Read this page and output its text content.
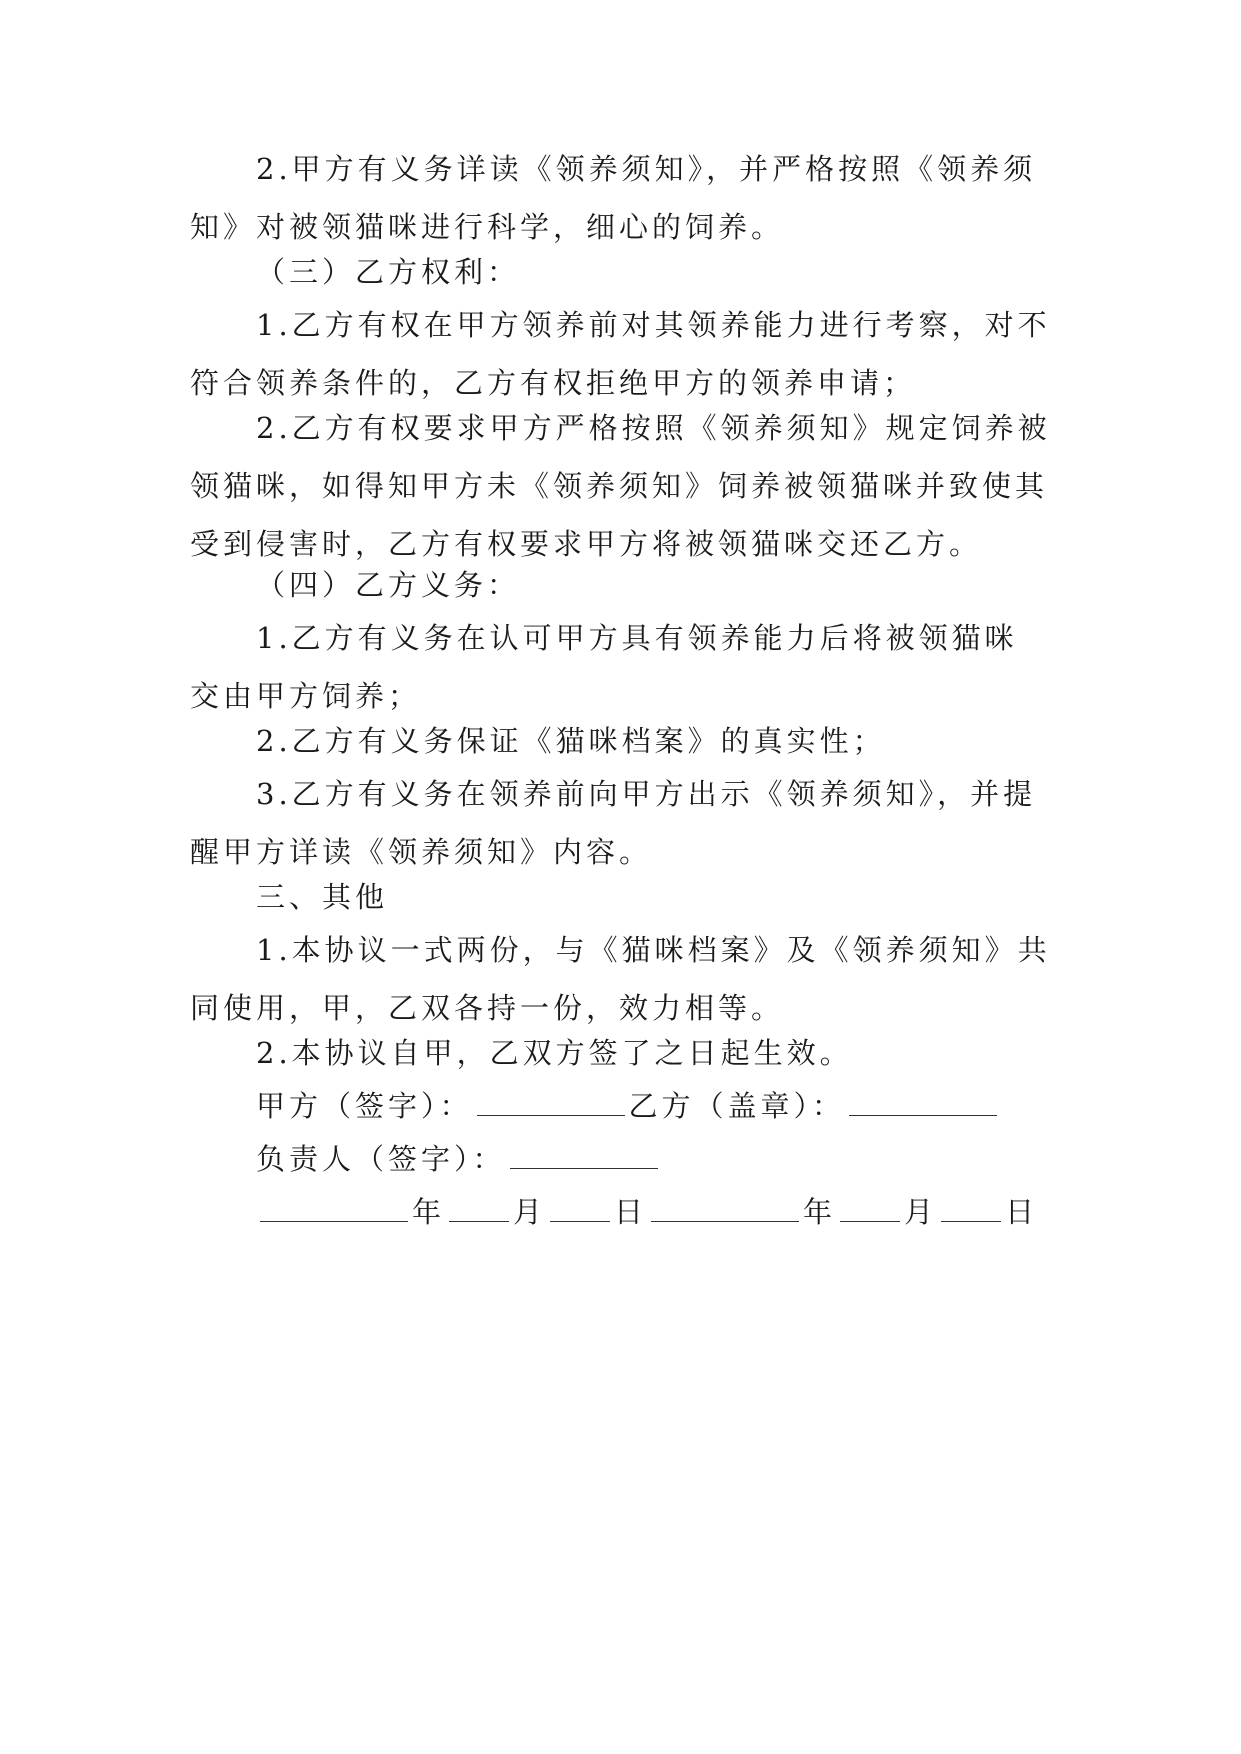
2.甲方有义务详读《领养须知》，并严格按照《领养须
知》对被领猫咪进行科学，细心的饲养。
（三）乙方权利：
1.乙方有权在甲方领养前对其领养能力进行考察，对不
符合领养条件的，乙方有权拒绝甲方的领养申请；
2.乙方有权要求甲方严格按照《领养须知》规定饲养被
领猫咪，如得知甲方未《领养须知》饲养被领猫咪并致使其
受到侵害时，乙方有权要求甲方将被领猫咪交还乙方。
（四）乙方义务：
1.乙方有义务在认可甲方具有领养能力后将被领猫咪
交由甲方饲养；
2.乙方有义务保证《猫咪档案》的真实性；
3.乙方有义务在领养前向甲方出示《领养须知》，并提
醒甲方详读《领养须知》内容。
三、其他
1.本协议一式两份，与《猫咪档案》及《领养须知》共
同使用，甲，乙双各持一份，效力相等。
2.本协议自甲，乙双方签了之日起生效。
甲方（签字）：	乙方（盖章）：
负责人（签字）：
年 月 日	年 月 日
